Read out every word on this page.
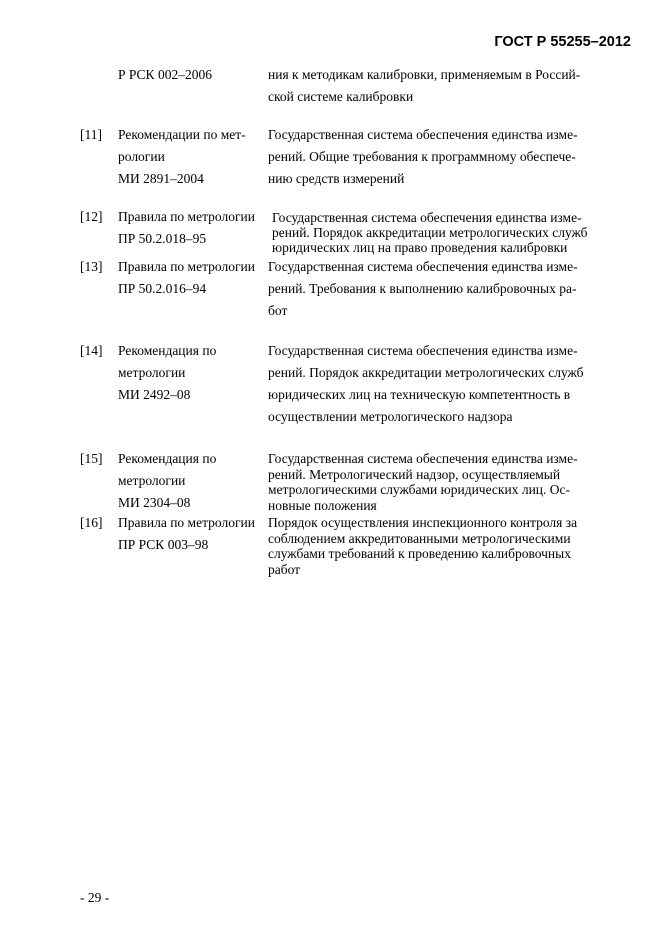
ГОСТ Р 55255–2012
Р РСК 002–2006	ния к методикам калибровки, применяемым в Россий-
ской системе калибровки
[11] Рекомендации по мет-
рологии
МИ 2891–2004
Государственная система обеспечения единства изме-
рений. Общие требования к программному обеспече-
нию средств измерений
[12] Правила по метрологии
ПР 50.2.018–95
Государственная система обеспечения единства изме-
рений. Порядок аккредитации метрологических служб
юридических лиц на право проведения калибровки
[13] Правила по метрологии
ПР 50.2.016–94
Государственная система обеспечения единства изме-
рений. Требования к выполнению калибровочных ра-
бот
[14] Рекомендация по
метрологии
МИ 2492–08
Государственная система обеспечения единства изме-
рений. Порядок аккредитации метрологических служб
юридических лиц на техническую компетентность в
осуществлении метрологического надзора
[15] Рекомендация по
метрологии
МИ 2304–08
Государственная система обеспечения единства изме-
рений. Метрологический надзор, осуществляемый
метрологическими службами юридических лиц. Ос-
новные положения
[16] Правила по метрологии
ПР РСК 003–98
Порядок осуществления инспекционного контроля за
соблюдением аккредитованными метрологическими
службами требований к проведению калибровочных
работ
- 29 -
